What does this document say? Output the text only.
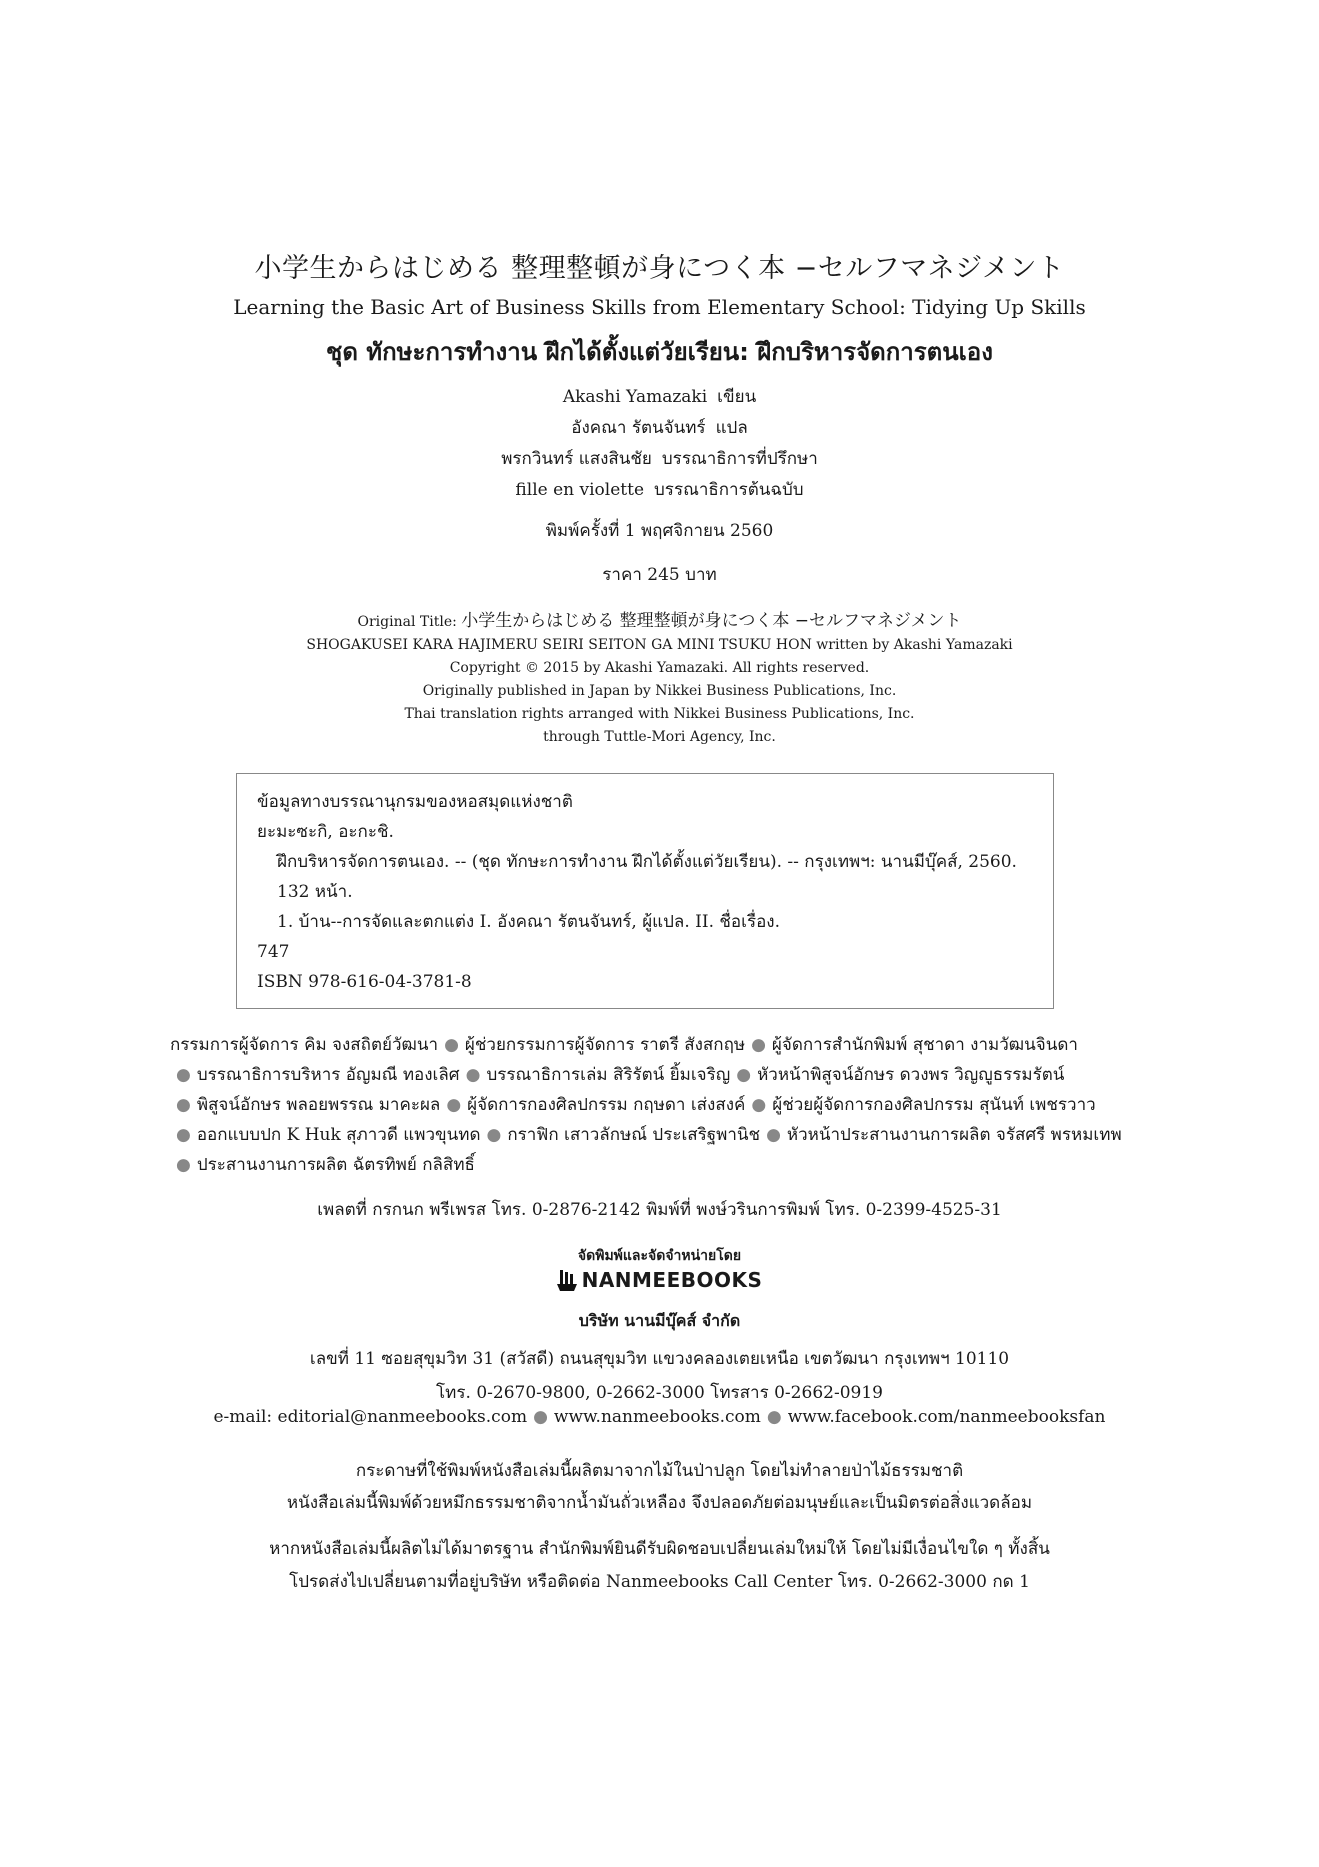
小学生からはじめる 整理整頓が身につく本 −セルフマネジメント
Learning the Basic Art of Business Skills from Elementary School: Tidying Up Skills
ชุด ทักษะการทำงาน ฝึกได้ตั้งแต่วัยเรียน: ฝึกบริหารจัดการตนเอง
Akashi Yamazaki เขียน
อังคณา รัตนจันทร์ แปล
พรกวินทร์ แสงสินชัย บรรณาธิการที่ปรึกษา
fille en violette บรรณาธิการต้นฉบับ
พิมพ์ครั้งที่ 1 พฤศจิกายน 2560
ราคา 245 บาท
Original Title: 小学生からはじめる 整理整頓が身につく本 −セルフマネジメント
SHOGAKUSEI KARA HAJIMERU SEIRI SEITON GA MINI TSUKU HON written by Akashi Yamazaki
Copyright © 2015 by Akashi Yamazaki. All rights reserved.
Originally published in Japan by Nikkei Business Publications, Inc.
Thai translation rights arranged with Nikkei Business Publications, Inc.
through Tuttle-Mori Agency, Inc.
ข้อมูลทางบรรณานุกรมของหอสมุดแห่งชาติ
ยะมะซะกิ, อะกะชิ.
ฝึกบริหารจัดการตนเอง. -- (ชุด ทักษะการทำงาน ฝึกได้ตั้งแต่วัยเรียน). -- กรุงเทพฯ: นานมีบุ๊คส์, 2560.
132 หน้า.
1. บ้าน--การจัดและตกแต่ง I. อังคณา รัตนจันทร์, ผู้แปล. II. ชื่อเรื่อง.
747
ISBN 978-616-04-3781-8
กรรมการผู้จัดการ คิม จงสถิตย์วัฒนา ● ผู้ช่วยกรรมการผู้จัดการ ราตรี สังสกฤษ ● ผู้จัดการสำนักพิมพ์ สุชาดา งามวัฒนจินดา
● บรรณาธิการบริหาร อัญมณี ทองเลิศ ● บรรณาธิการเล่ม สิริรัตน์ ยิ้มเจริญ ● หัวหน้าพิสูจน์อักษร ดวงพร วิญญูธรรมรัตน์
● พิสูจน์อักษร พลอยพรรณ มาคะผล ● ผู้จัดการกองศิลปกรรม กฤษดา เส่งสงค์ ● ผู้ช่วยผู้จัดการกองศิลปกรรม สุนันท์ เพชรวาว
● ออกแบบปก K Huk สุภาวดี แพวขุนทด ● กราฟิก เสาวลักษณ์ ประเสริฐพานิช ● หัวหน้าประสานงานการผลิต จรัสศรี พรหมเทพ
● ประสานงานการผลิต ฉัตรทิพย์ กลิสิทธิ์
เพลตที่ กรกนก พรีเพรส โทร. 0-2876-2142 พิมพ์ที่ พงษ์วรินการพิมพ์ โทร. 0-2399-4525-31
จัดพิมพ์และจัดจำหน่ายโดย
NANMEEBOOKS
บริษัท นานมีบุ๊คส์ จำกัด
เลขที่ 11 ซอยสุขุมวิท 31 (สวัสดี) ถนนสุขุมวิท แขวงคลองเตยเหนือ เขตวัฒนา กรุงเทพฯ 10110
โทร. 0-2670-9800, 0-2662-3000 โทรสาร 0-2662-0919
e-mail: editorial@nanmeebooks.com ● www.nanmeebooks.com ● www.facebook.com/nanmeebooksfan
กระดาษที่ใช้พิมพ์หนังสือเล่มนี้ผลิตมาจากไม้ในป่าปลูก โดยไม่ทำลายป่าไม้ธรรมชาติ
หนังสือเล่มนี้พิมพ์ด้วยหมึกธรรมชาติจากน้ำมันถั่วเหลือง จึงปลอดภัยต่อมนุษย์และเป็นมิตรต่อสิ่งแวดล้อม
หากหนังสือเล่มนี้ผลิตไม่ได้มาตรฐาน สำนักพิมพ์ยินดีรับผิดชอบเปลี่ยนเล่มใหม่ให้ โดยไม่มีเงื่อนไขใด ๆ ทั้งสิ้น
โปรดส่งไปเปลี่ยนตามที่อยู่บริษัท หรือติดต่อ Nanmeebooks Call Center โทร. 0-2662-3000 กด 1
